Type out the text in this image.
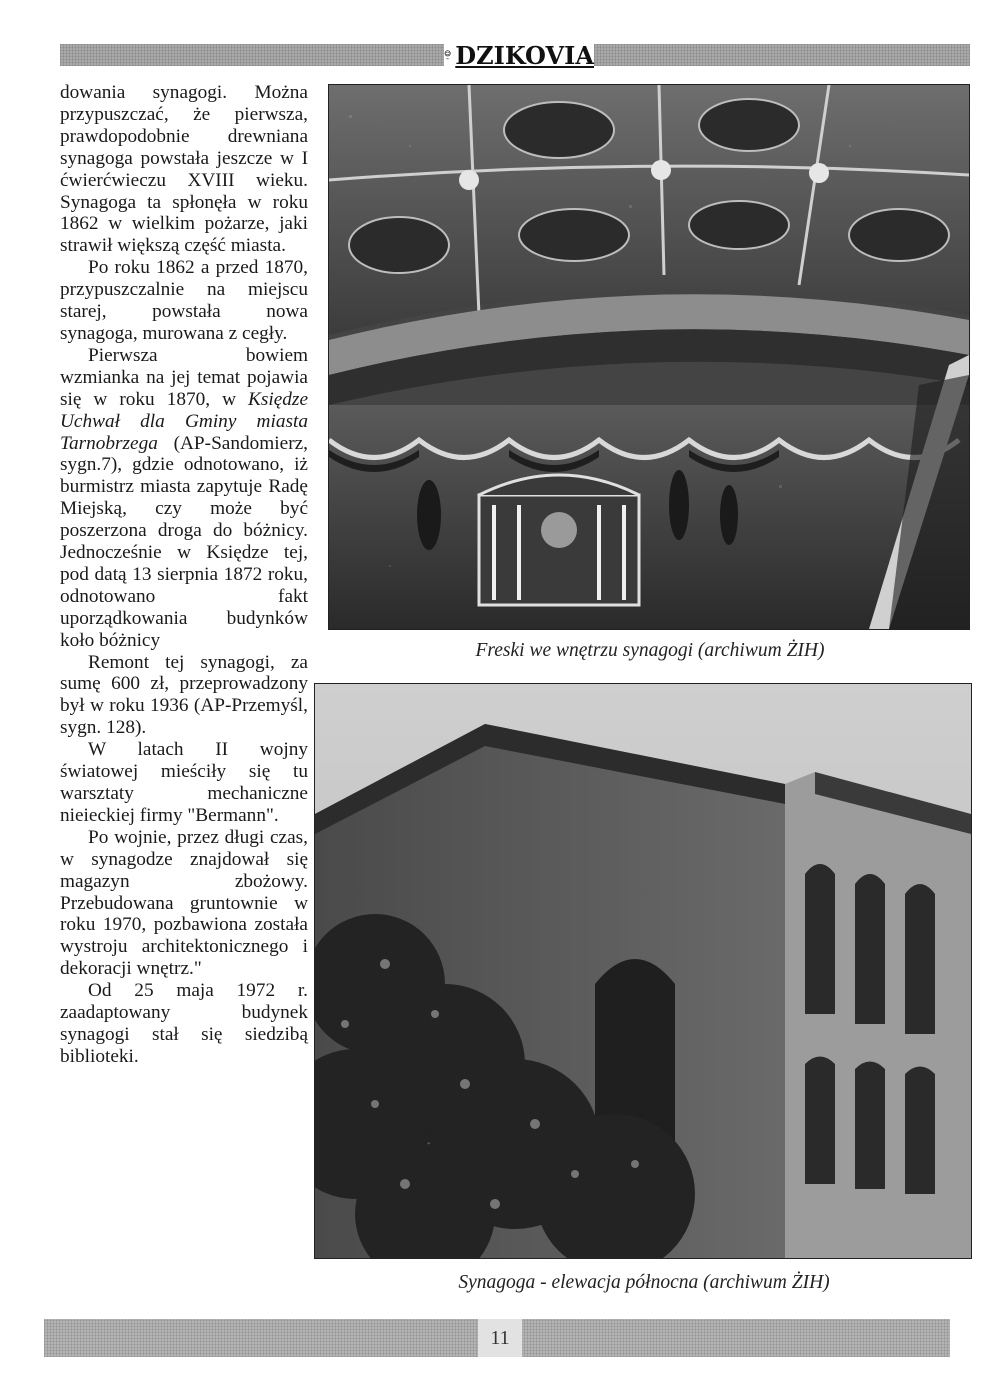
TPT DZIKOVIA

dowania synagogi. Można przypuszczać, że pierwsza, prawdopodobnie drewniana synagoga powstała jeszcze w I ćwierćwieczu XVIII wieku. Synagoga ta spłonęła w roku 1862 w wielkim pożarze, jaki strawił większą część miasta.

Po roku 1862 a przed 1870, przypuszczalnie na miejscu starej, powstała nowa synagoga, murowana z cegły.

Pierwsza bowiem wzmianka na jej temat pojawia się w roku 1870, w Księdze Uchwał dla Gminy miasta Tarnobrzega (AP-Sandomierz, sygn.7), gdzie odnotowano, iż burmistrz miasta zapytuje Radę Miejską, czy może być poszerzona droga do bóżnicy. Jednocześnie w Księdze tej, pod datą 13 sierpnia 1872 roku, odnotowano fakt uporządkowania budynków koło bóżnicy

Remont tej synagogi, za sumę 600 zł, przeprowadzony był w roku 1936 (AP-Przemyśl, sygn. 128).

W latach II wojny światowej mieściły się tu warsztaty mechaniczne nieieckiej firmy "Bermann".

Po wojnie, przez długi czas, w synagodze znajdował się magazyn zbożowy. Przebudowana gruntownie w roku 1970, pozbawiona została wystroju architektonicznego i dekoracji wnętrz."

Od 25 maja 1972 r. zaadaptowany budynek synagogi stał się siedzibą biblioteki.

Freski we wnętrzu synagogi (archiwum ŻIH)
Synagoga - elewacja północna (archiwum ŻIH)
11
